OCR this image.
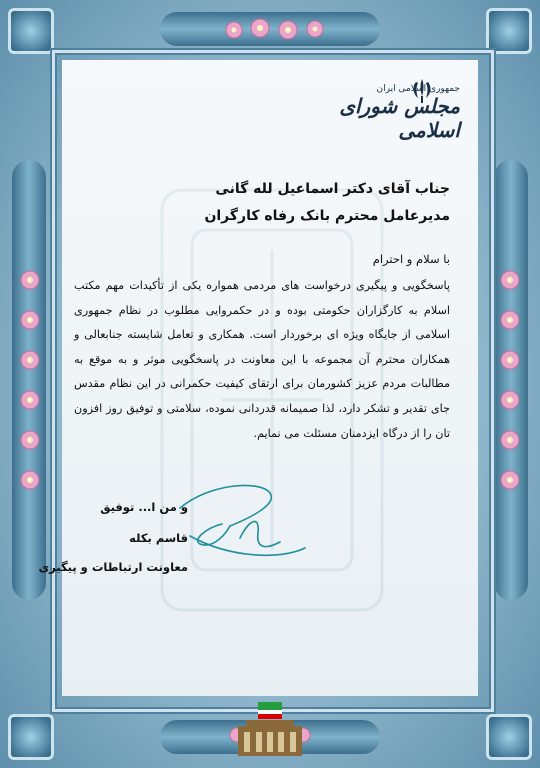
جمهوری اسلامی ایران
مجلس شورای اسلامی
جناب آقای دکتر اسماعیل لله گانی
مدیرعامل محترم بانک رفاه کارگران
با سلام و احترام
پاسخگویی و پیگیری درخواست های مردمی همواره یکی از تأکیدات مهم مکتب اسلام به کارگزاران حکومتی بوده و در حکمروایی مطلوب در نظام جمهوری اسلامی از جایگاه ویژه ای برخوردار است. همکاری و تعامل شایسته جنابعالی و همکاران محترم آن مجموعه با این معاونت در پاسخگویی موثر و به موقع به مطالبات مردم عزیز کشورمان برای ارتقای کیفیت حکمرانی در این نظام مقدس جای تقدیر و تشکر دارد، لذا صمیمانه قدردانی نموده، سلامتی و توفیق روز افزون تان را از درگاه ایزدمنان مسئلت می نمایم.
و من ا... توفیق
قاسم بکله
معاونت ارتباطات و پیگیری
